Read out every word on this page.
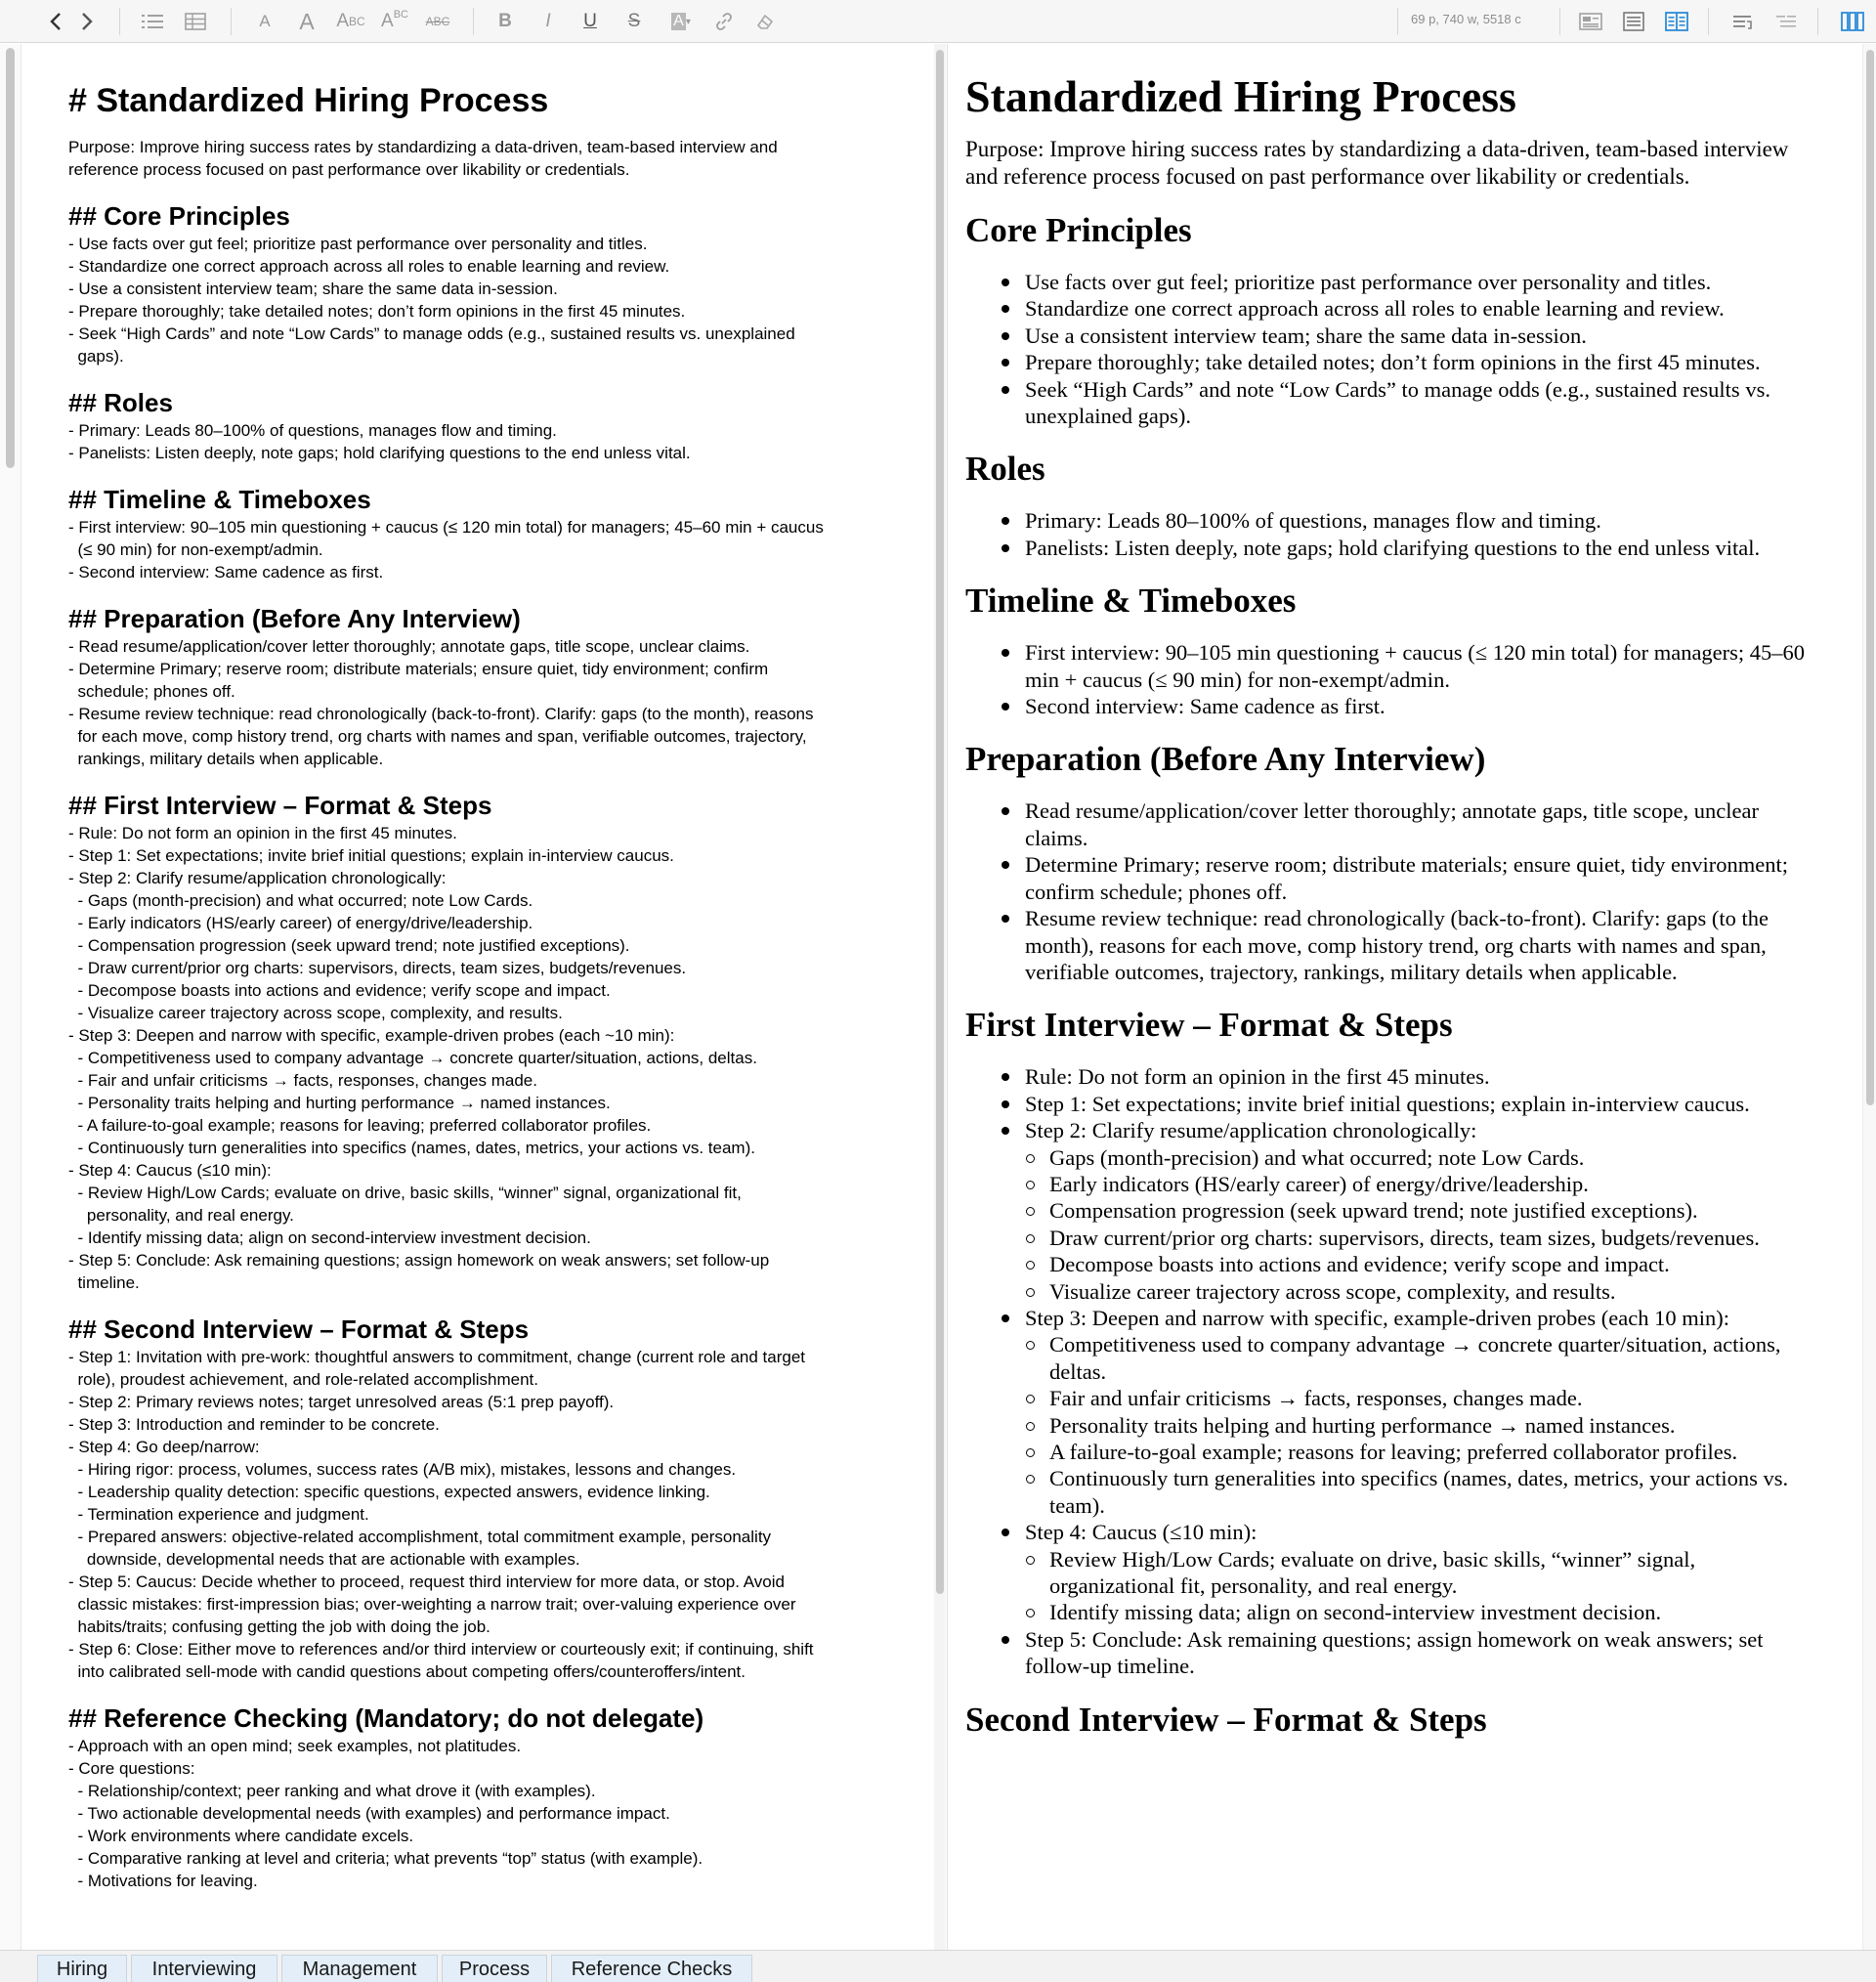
A	A	A BC A BC	ABC	B	I	U	S	A ▾	69 p, 740 w, 5518 c
# Standardized Hiring Process
Purpose: Improve hiring success rates by standardizing a data-driven, team-based interview and
reference process focused on past performance over likability or credentials.
## Core Principles
- Use facts over gut feel; prioritize past performance over personality and titles.
- Standardize one correct approach across all roles to enable learning and review.
- Use a consistent interview team; share the same data in-session.
- Prepare thoroughly; take detailed notes; don’t form opinions in the first 45 minutes.
- Seek “High Cards” and note “Low Cards” to manage odds (e.g., sustained results vs. unexplained
gaps).
## Roles
- Primary: Leads 80–100% of questions, manages flow and timing.
- Panelists: Listen deeply, note gaps; hold clarifying questions to the end unless vital.
## Timeline & Timeboxes
- First interview: 90–105 min questioning + caucus (≤ 120 min total) for managers; 45–60 min + caucus
(≤ 90 min) for non-exempt/admin.
- Second interview: Same cadence as first.
## Preparation (Before Any Interview)
- Read resume/application/cover letter thoroughly; annotate gaps, title scope, unclear claims.
- Determine Primary; reserve room; distribute materials; ensure quiet, tidy environment; confirm
schedule; phones off.
- Resume review technique: read chronologically (back-to-front). Clarify: gaps (to the month), reasons
for each move, comp history trend, org charts with names and span, verifiable outcomes, trajectory,
rankings, military details when applicable.
## First Interview – Format & Steps
- Rule: Do not form an opinion in the first 45 minutes.
- Step 1: Set expectations; invite brief initial questions; explain in-interview caucus.
- Step 2: Clarify resume/application chronologically:
- Gaps (month-precision) and what occurred; note Low Cards.
- Early indicators (HS/early career) of energy/drive/leadership.
- Compensation progression (seek upward trend; note justified exceptions).
- Draw current/prior org charts: supervisors, directs, team sizes, budgets/revenues.
- Decompose boasts into actions and evidence; verify scope and impact.
- Visualize career trajectory across scope, complexity, and results.
- Step 3: Deepen and narrow with specific, example-driven probes (each ~10 min):
- Competitiveness used to company advantage → concrete quarter/situation, actions, deltas.
- Fair and unfair criticisms → facts, responses, changes made.
- Personality traits helping and hurting performance → named instances.
- A failure-to-goal example; reasons for leaving; preferred collaborator profiles.
- Continuously turn generalities into specifics (names, dates, metrics, your actions vs. team).
- Step 4: Caucus (≤10 min):
- Review High/Low Cards; evaluate on drive, basic skills, “winner” signal, organizational fit,
personality, and real energy.
- Identify missing data; align on second-interview investment decision.
- Step 5: Conclude: Ask remaining questions; assign homework on weak answers; set follow-up
timeline.
## Second Interview – Format & Steps
- Step 1: Invitation with pre-work: thoughtful answers to commitment, change (current role and target
role), proudest achievement, and role-related accomplishment.
- Step 2: Primary reviews notes; target unresolved areas (5:1 prep payoff).
- Step 3: Introduction and reminder to be concrete.
- Step 4: Go deep/narrow:
- Hiring rigor: process, volumes, success rates (A/B mix), mistakes, lessons and changes.
- Leadership quality detection: specific questions, expected answers, evidence linking.
- Termination experience and judgment.
- Prepared answers: objective-related accomplishment, total commitment example, personality
downside, developmental needs that are actionable with examples.
- Step 5: Caucus: Decide whether to proceed, request third interview for more data, or stop. Avoid
classic mistakes: first-impression bias; over-weighting a narrow trait; over-valuing experience over
habits/traits; confusing getting the job with doing the job.
- Step 6: Close: Either move to references and/or third interview or courteously exit; if continuing, shift
into calibrated sell-mode with candid questions about competing offers/counteroffers/intent.
## Reference Checking (Mandatory; do not delegate)
- Approach with an open mind; seek examples, not platitudes.
- Core questions:
- Relationship/context; peer ranking and what drove it (with examples).
- Two actionable developmental needs (with examples) and performance impact.
- Work environments where candidate excels.
- Comparative ranking at level and criteria; what prevents “top” status (with example).
- Motivations for leaving.
Standardized Hiring Process
Purpose: Improve hiring success rates by standardizing a data-driven, team-based interview and reference process focused on past performance over likability or credentials.
Core Principles
Use facts over gut feel; prioritize past performance over personality and titles.
Standardize one correct approach across all roles to enable learning and review.
Use a consistent interview team; share the same data in-session.
Prepare thoroughly; take detailed notes; don’t form opinions in the first 45 minutes.
Seek “High Cards” and note “Low Cards” to manage odds (e.g., sustained results vs. unexplained gaps).
Roles
Primary: Leads 80–100% of questions, manages flow and timing.
Panelists: Listen deeply, note gaps; hold clarifying questions to the end unless vital.
Timeline & Timeboxes
First interview: 90–105 min questioning + caucus (≤ 120 min total) for managers; 45–60 min + caucus (≤ 90 min) for non-exempt/admin.
Second interview: Same cadence as first.
Preparation (Before Any Interview)
Read resume/application/cover letter thoroughly; annotate gaps, title scope, unclear claims.
Determine Primary; reserve room; distribute materials; ensure quiet, tidy environment; confirm schedule; phones off.
Resume review technique: read chronologically (back-to-front). Clarify: gaps (to the month), reasons for each move, comp history trend, org charts with names and span, verifiable outcomes, trajectory, rankings, military details when applicable.
First Interview – Format & Steps
Rule: Do not form an opinion in the first 45 minutes.
Step 1: Set expectations; invite brief initial questions; explain in-interview caucus.
Step 2: Clarify resume/application chronologically:
Gaps (month-precision) and what occurred; note Low Cards.
Early indicators (HS/early career) of energy/drive/leadership.
Compensation progression (seek upward trend; note justified exceptions).
Draw current/prior org charts: supervisors, directs, team sizes, budgets/revenues.
Decompose boasts into actions and evidence; verify scope and impact.
Visualize career trajectory across scope, complexity, and results.
Step 3: Deepen and narrow with specific, example-driven probes (each 10 min):
Competitiveness used to company advantage → concrete quarter/situation, actions, deltas.
Fair and unfair criticisms → facts, responses, changes made.
Personality traits helping and hurting performance → named instances.
A failure-to-goal example; reasons for leaving; preferred collaborator profiles.
Continuously turn generalities into specifics (names, dates, metrics, your actions vs. team).
Step 4: Caucus (≤10 min):
Review High/Low Cards; evaluate on drive, basic skills, “winner” signal, organizational fit, personality, and real energy.
Identify missing data; align on second-interview investment decision.
Step 5: Conclude: Ask remaining questions; assign homework on weak answers; set follow-up timeline.
Second Interview – Format & Steps
Hiring	Interviewing	Management	Process	Reference Checks
